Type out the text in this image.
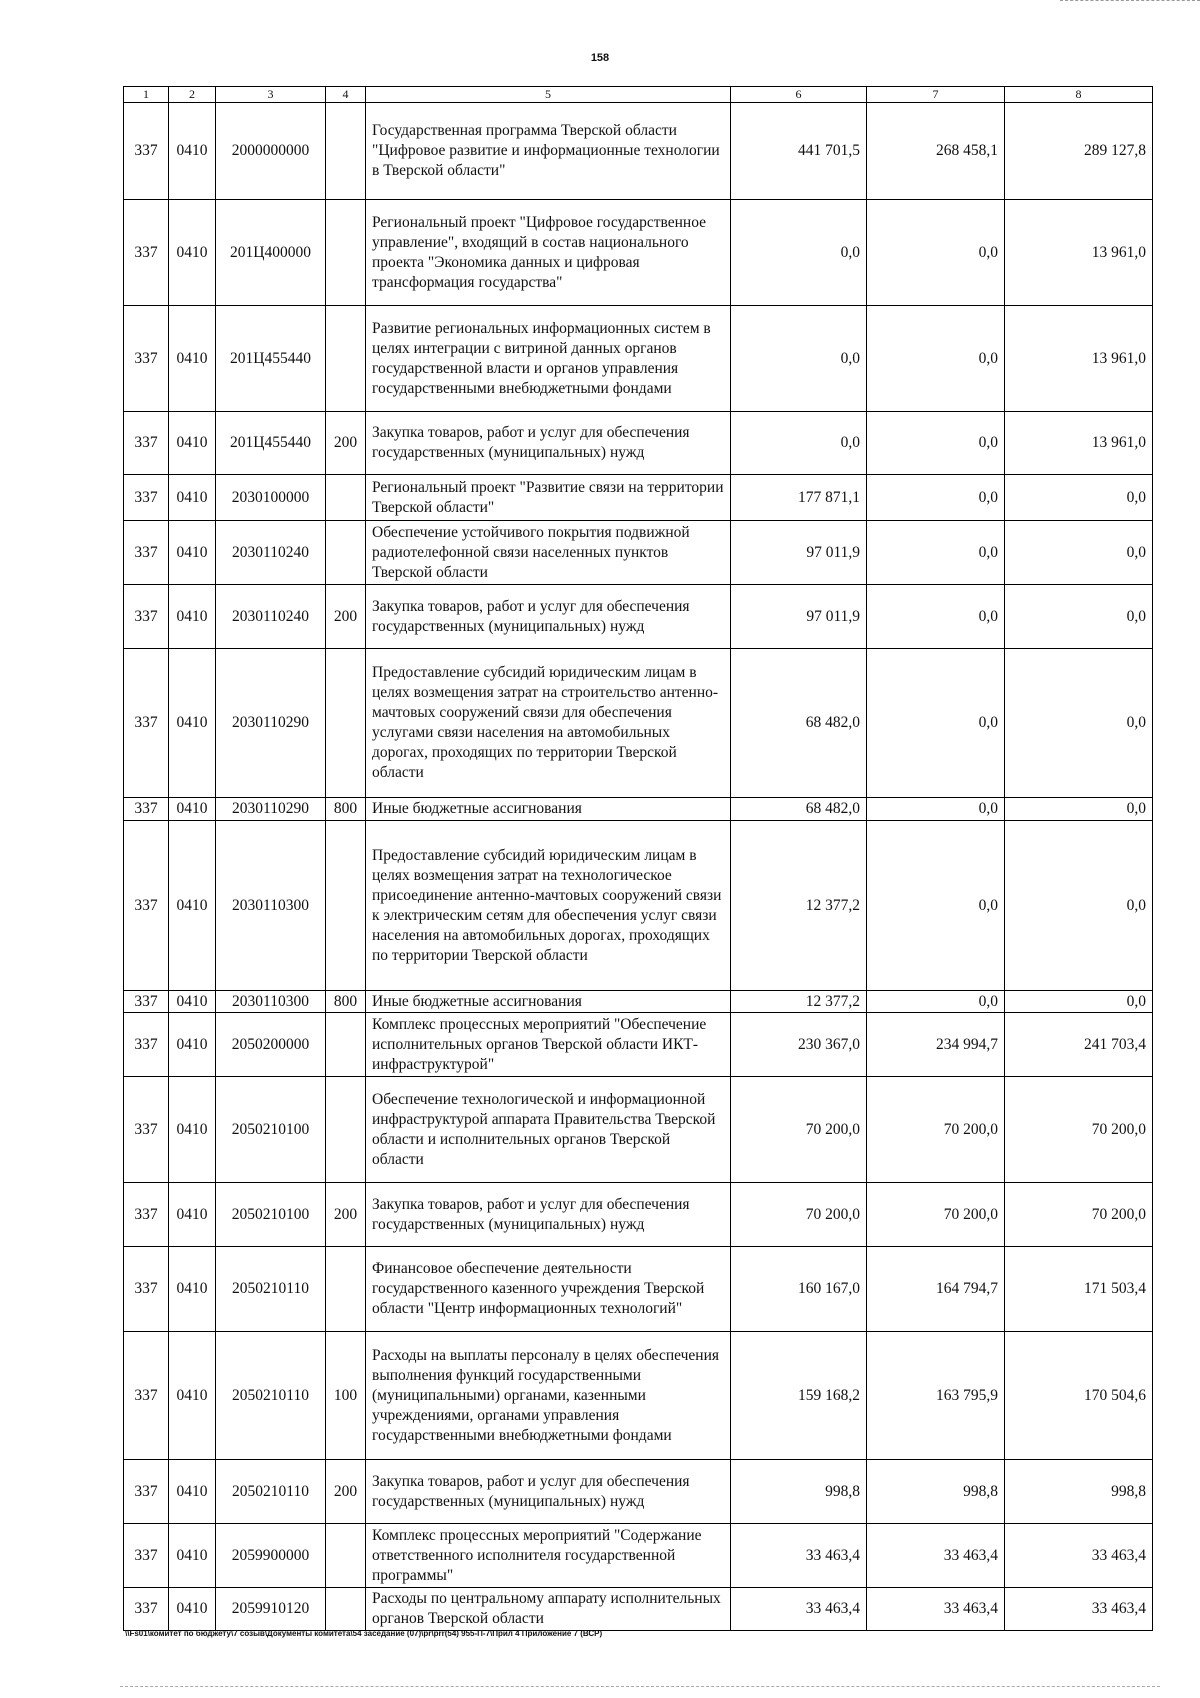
158
1	2	3	4	5	6	7	8
337	0410	2000000000		Государственная программа Тверской области "Цифровое развитие и информационные технологии в Тверской области"	441 701,5	268 458,1	289 127,8
337	0410	201Ц400000		Региональный проект "Цифровое государственное управление", входящий в состав национального проекта "Экономика данных и цифровая трансформация государства"	0,0	0,0	13 961,0
337	0410	201Ц455440		Развитие региональных информационных систем в целях интеграции с витриной данных органов государственной власти и органов управления государственными внебюджетными фондами	0,0	0,0	13 961,0
337	0410	201Ц455440	200	Закупка товаров, работ и услуг для обеспечения государственных (муниципальных) нужд	0,0	0,0	13 961,0
337	0410	2030100000		Региональный проект "Развитие связи на территории Тверской области"	177 871,1	0,0	0,0
337	0410	2030110240		Обеспечение устойчивого покрытия подвижной радиотелефонной связи населенных пунктов Тверской области	97 011,9	0,0	0,0
337	0410	2030110240	200	Закупка товаров, работ и услуг для обеспечения государственных (муниципальных) нужд	97 011,9	0,0	0,0
337	0410	2030110290		Предоставление субсидий юридическим лицам в целях возмещения затрат на строительство антенно-мачтовых сооружений связи для обеспечения услугами связи населения на автомобильных дорогах, проходящих по территории Тверской области	68 482,0	0,0	0,0
337	0410	2030110290	800	Иные бюджетные ассигнования	68 482,0	0,0	0,0
337	0410	2030110300		Предоставление субсидий юридическим лицам в целях возмещения затрат на технологическое присоединение антенно-мачтовых сооружений связи к электрическим сетям для обеспечения услуг связи населения на автомобильных дорогах, проходящих по территории Тверской области	12 377,2	0,0	0,0
337	0410	2030110300	800	Иные бюджетные ассигнования	12 377,2	0,0	0,0
337	0410	2050200000		Комплекс процессных мероприятий "Обеспечение исполнительных органов Тверской области ИКТ-инфраструктурой"	230 367,0	234 994,7	241 703,4
337	0410	2050210100		Обеспечение технологической и информационной инфраструктурой аппарата Правительства Тверской области и исполнительных органов Тверской области	70 200,0	70 200,0	70 200,0
337	0410	2050210100	200	Закупка товаров, работ и услуг для обеспечения государственных (муниципальных) нужд	70 200,0	70 200,0	70 200,0
337	0410	2050210110		Финансовое обеспечение деятельности государственного казенного учреждения Тверской области "Центр информационных технологий"	160 167,0	164 794,7	171 503,4
337	0410	2050210110	100	Расходы на выплаты персоналу в целях обеспечения выполнения функций государственными (муниципальными) органами, казенными учреждениями, органами управления государственными внебюджетными фондами	159 168,2	163 795,9	170 504,6
337	0410	2050210110	200	Закупка товаров, работ и услуг для обеспечения государственных (муниципальных) нужд	998,8	998,8	998,8
337	0410	2059900000		Комплекс процессных мероприятий "Содержание ответственного исполнителя государственной программы"	33 463,4	33 463,4	33 463,4
337	0410	2059910120		Расходы по центральному аппарату исполнительных органов Тверской области	33 463,4	33 463,4	33 463,4
\\Fs01\комитет по бюджету\7 созыв\Документы комитета\54 заседание (07)\pr\prr(54) 955-П-7\Прил 4 Приложение 7 (ВСР)
